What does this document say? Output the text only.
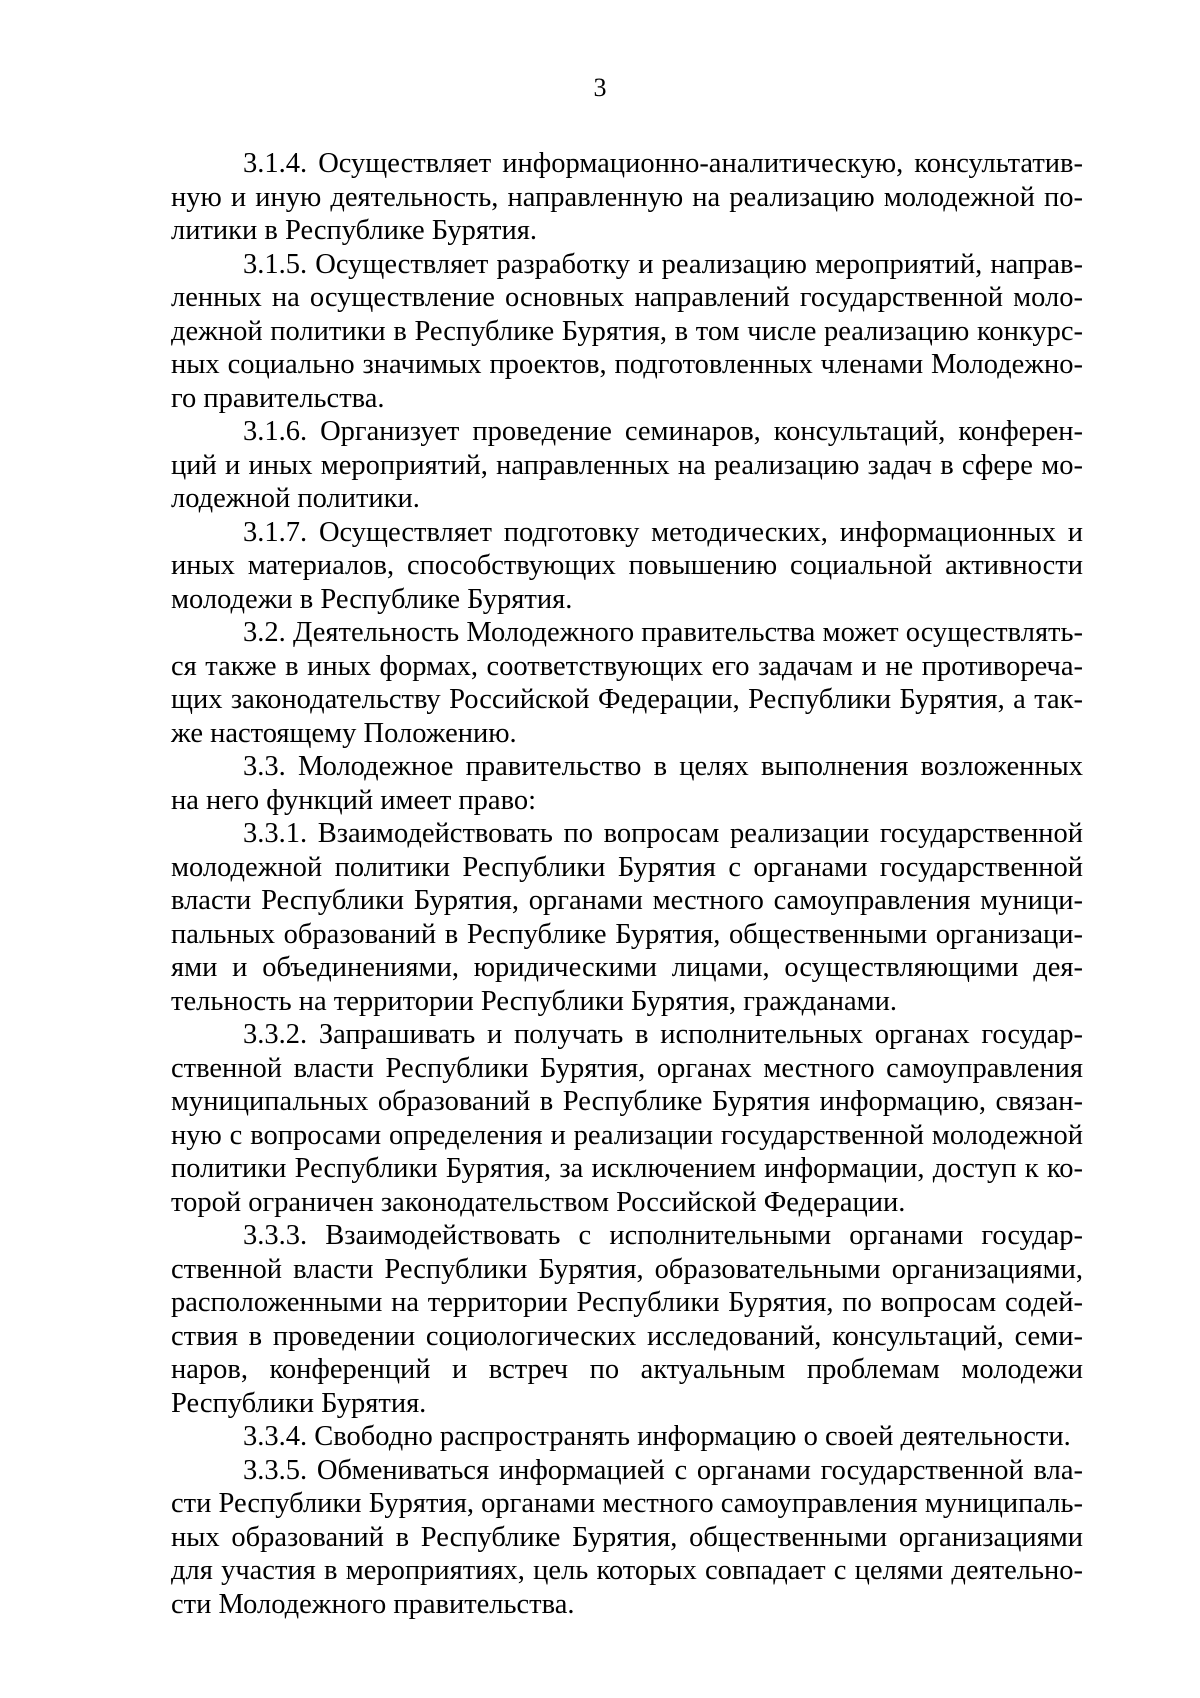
3

3.1.4. Осуществляет информационно-аналитическую, консультативную и иную деятельность, направленную на реализацию молодежной политики в Республике Бурятия.

3.1.5. Осуществляет разработку и реализацию мероприятий, направленных на осуществление основных направлений государственной молодежной политики в Республике Бурятия, в том числе реализацию конкурсных социально значимых проектов, подготовленных членами Молодежного правительства.

3.1.6. Организует проведение семинаров, консультаций, конференций и иных мероприятий, направленных на реализацию задач в сфере молодежной политики.

3.1.7. Осуществляет подготовку методических, информационных и иных материалов, способствующих повышению социальной активности молодежи в Республике Бурятия.

3.2. Деятельность Молодежного правительства может осуществляться также в иных формах, соответствующих его задачам и не противоречащих законодательству Российской Федерации, Республики Бурятия, а также настоящему Положению.

3.3. Молодежное правительство в целях выполнения возложенных на него функций имеет право:

3.3.1. Взаимодействовать по вопросам реализации государственной молодежной политики Республики Бурятия с органами государственной власти Республики Бурятия, органами местного самоуправления муниципальных образований в Республике Бурятия, общественными организациями и объединениями, юридическими лицами, осуществляющими деятельность на территории Республики Бурятия, гражданами.

3.3.2. Запрашивать и получать в исполнительных органах государственной власти Республики Бурятия, органах местного самоуправления муниципальных образований в Республике Бурятия информацию, связанную с вопросами определения и реализации государственной молодежной политики Республики Бурятия, за исключением информации, доступ к которой ограничен законодательством Российской Федерации.

3.3.3. Взаимодействовать с исполнительными органами государственной власти Республики Бурятия, образовательными организациями, расположенными на территории Республики Бурятия, по вопросам содействия в проведении социологических исследований, консультаций, семинаров, конференций и встреч по актуальным проблемам молодежи Республики Бурятия.

3.3.4. Свободно распространять информацию о своей деятельности.

3.3.5. Обмениваться информацией с органами государственной власти Республики Бурятия, органами местного самоуправления муниципальных образований в Республике Бурятия, общественными организациями для участия в мероприятиях, цель которых совпадает с целями деятельности Молодежного правительства.
